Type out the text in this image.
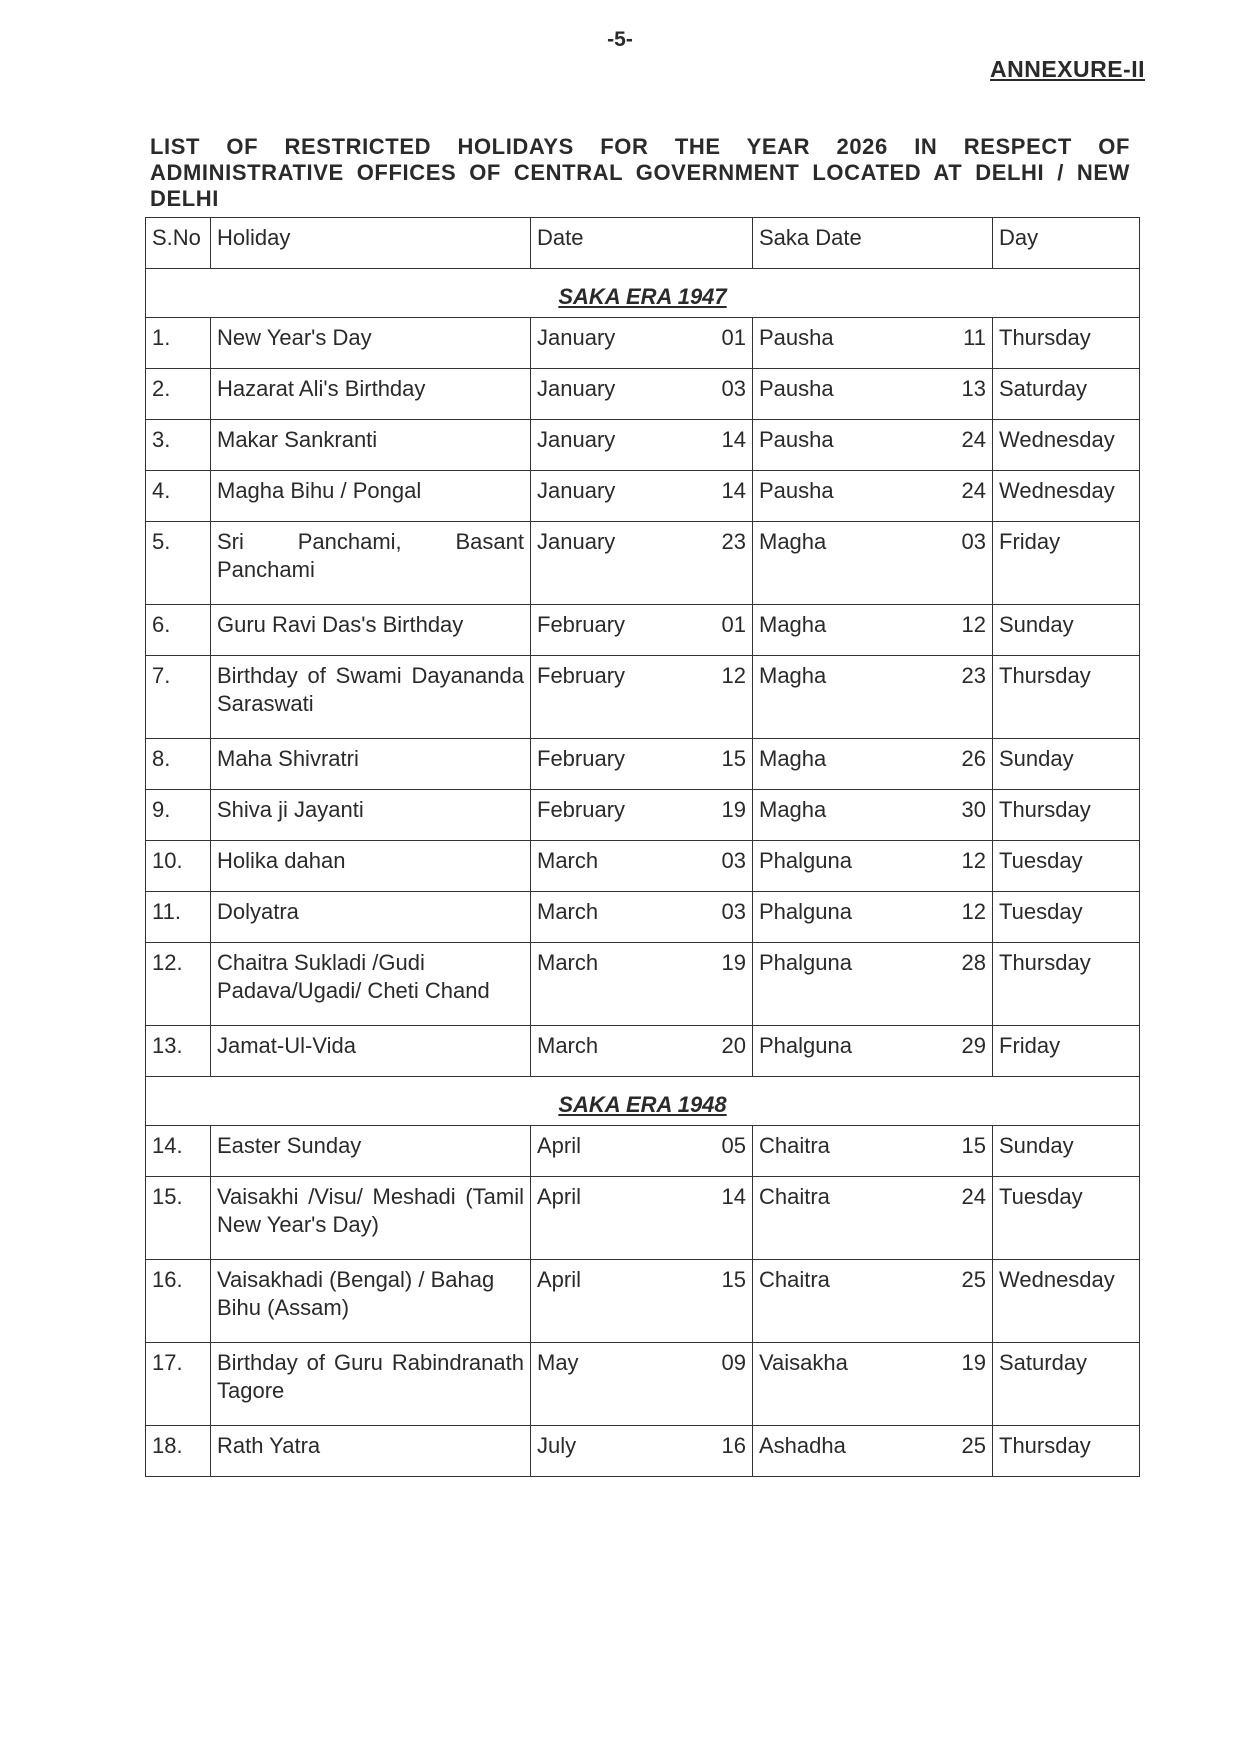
-5-
ANNEXURE-II
LIST OF RESTRICTED HOLIDAYS FOR THE YEAR 2026 IN RESPECT OF
ADMINISTRATIVE OFFICES OF CENTRAL GOVERNMENT LOCATED AT DELHI / NEW
DELHI
S.No	Holiday	Date	Saka Date	Day
SAKA ERA 1947				
1.	New Year's Day	January 01	Pausha 11	Thursday
2.	Hazarat Ali's Birthday	January 03	Pausha 13	Saturday
3.	Makar Sankranti	January 14	Pausha 24	Wednesday
4.	Magha Bihu / Pongal	January 14	Pausha 24	Wednesday
5.	Sri Panchami, Basant Panchami	January 23	Magha 03	Friday
6.	Guru Ravi Das's Birthday	February 01	Magha 12	Sunday
7.	Birthday of Swami Dayananda Saraswati	February 12	Magha 23	Thursday
8.	Maha Shivratri	February 15	Magha 26	Sunday
9.	Shiva ji Jayanti	February 19	Magha 30	Thursday
10.	Holika dahan	March 03	Phalguna 12	Tuesday
11.	Dolyatra	March 03	Phalguna 12	Tuesday
12.	Chaitra Sukladi /Gudi Padava/Ugadi/ Cheti Chand	March 19	Phalguna 28	Thursday
13.	Jamat-Ul-Vida	March 20	Phalguna 29	Friday
SAKA ERA 1948				
14.	Easter Sunday	April 05	Chaitra 15	Sunday
15.	Vaisakhi /Visu/ Meshadi (Tamil New Year's Day)	April 14	Chaitra 24	Tuesday
16.	Vaisakhadi (Bengal) / Bahag Bihu (Assam)	April 15	Chaitra 25	Wednesday
17.	Birthday of Guru Rabindranath Tagore	May 09	Vaisakha 19	Saturday
18.	Rath Yatra	July 16	Ashadha 25	Thursday
